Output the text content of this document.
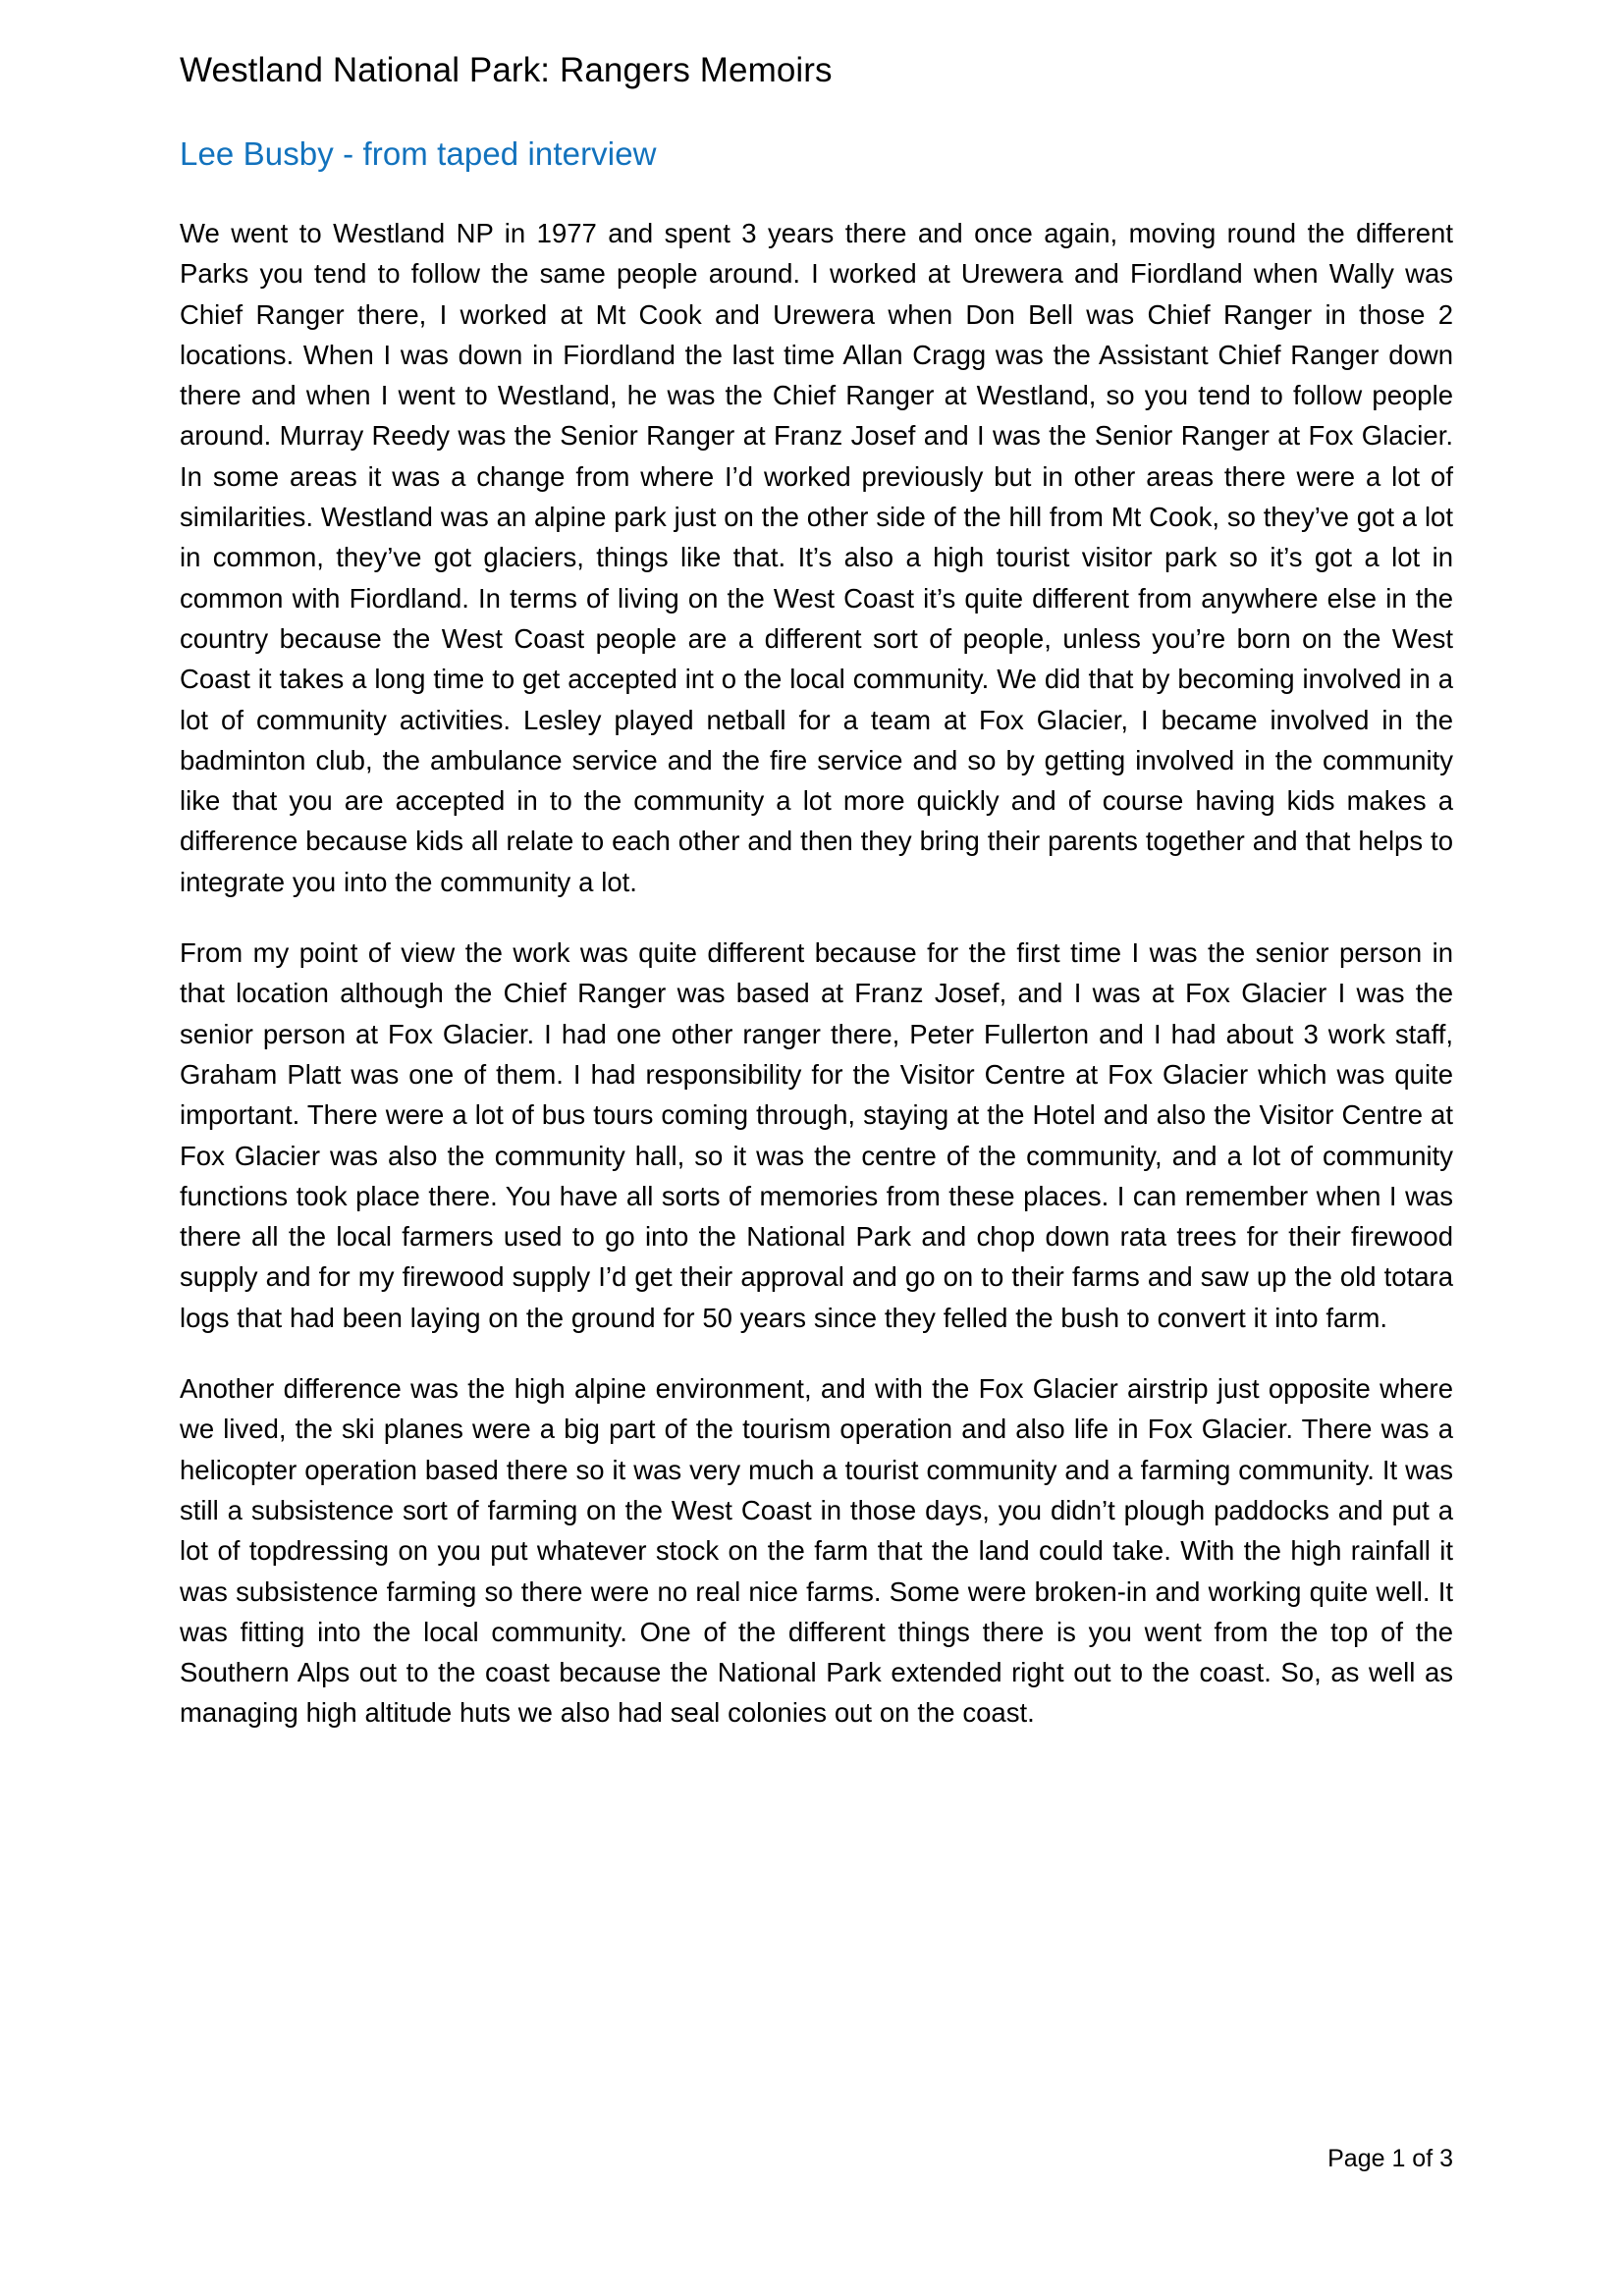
Westland National Park: Rangers Memoirs
Lee Busby - from taped interview

We went to Westland NP in 1977 and spent 3 years there and once again, moving round the different Parks you tend to follow the same people around. I worked at Urewera and Fiordland when Wally was Chief Ranger there, I worked at Mt Cook and Urewera when Don Bell was Chief Ranger in those 2 locations. When I was down in Fiordland the last time Allan Cragg was the Assistant Chief Ranger down there and when I went to Westland, he was the Chief Ranger at Westland, so you tend to follow people around. Murray Reedy was the Senior Ranger at Franz Josef and I was the Senior Ranger at Fox Glacier. In some areas it was a change from where I’d worked previously but in other areas there were a lot of similarities. Westland was an alpine park just on the other side of the hill from Mt Cook, so they’ve got a lot in common, they’ve got glaciers, things like that. It’s also a high tourist visitor park so it’s got a lot in common with Fiordland. In terms of living on the West Coast it’s quite different from anywhere else in the country because the West Coast people are a different sort of people, unless you’re born on the West Coast it takes a long time to get accepted int o the local community. We did that by becoming involved in a lot of community activities. Lesley played netball for a team at Fox Glacier, I became involved in the badminton club, the ambulance service and the fire service and so by getting involved in the community like that you are accepted in to the community a lot more quickly and of course having kids makes a difference because kids all relate to each other and then they bring their parents together and that helps to integrate you into the community a lot.

From my point of view the work was quite different because for the first time I was the senior person in that location although the Chief Ranger was based at Franz Josef, and I was at Fox Glacier I was the senior person at Fox Glacier. I had one other ranger there, Peter Fullerton and I had about 3 work staff, Graham Platt was one of them. I had responsibility for the Visitor Centre at Fox Glacier which was quite important. There were a lot of bus tours coming through, staying at the Hotel and also the Visitor Centre at Fox Glacier was also the community hall, so it was the centre of the community, and a lot of community functions took place there. You have all sorts of memories from these places. I can remember when I was there all the local farmers used to go into the National Park and chop down rata trees for their firewood supply and for my firewood supply I’d get their approval and go on to their farms and saw up the old totara logs that had been laying on the ground for 50 years since they felled the bush to convert it into farm.

Another difference was the high alpine environment, and with the Fox Glacier airstrip just opposite where we lived, the ski planes were a big part of the tourism operation and also life in Fox Glacier. There was a helicopter operation based there so it was very much a tourist community and a farming community. It was still a subsistence sort of farming on the West Coast in those days, you didn’t plough paddocks and put a lot of topdressing on you put whatever stock on the farm that the land could take. With the high rainfall it was subsistence farming so there were no real nice farms. Some were broken-in and working quite well. It was fitting into the local community. One of the different things there is you went from the top of the Southern Alps out to the coast because the National Park extended right out to the coast. So, as well as managing high altitude huts we also had seal colonies out on the coast.

Page 1 of 3
